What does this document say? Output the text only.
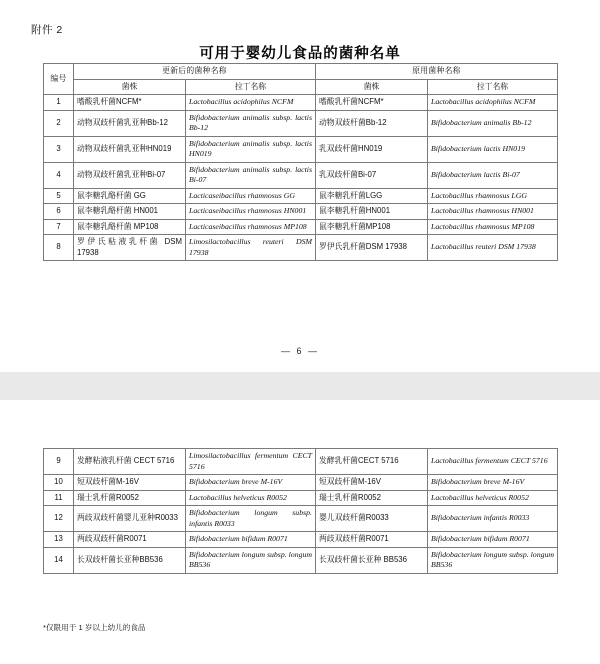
附件 2
可用于婴幼儿食品的菌种名单
编号	更新后的菌种名称		原用菌种名称	
	菌株	拉丁名称	菌株	拉丁名称
1	嗜酸乳杆菌NCFM*	Lactobacillus acidophilus NCFM	嗜酸乳杆菌NCFM*	Lactobacillus acidophilus NCFM
2	动物双歧杆菌乳亚种Bb-12	Bifidobacterium animalis subsp. lactis Bb-12	动物双歧杆菌Bb-12	Bifidobacterium animalis Bb-12
3	动物双歧杆菌乳亚种HN019	Bifidobacterium animalis subsp. lactis HN019	乳双歧杆菌HN019	Bifidobacterium lactis HN019
4	动物双歧杆菌乳亚种Bi-07	Bifidobacterium animalis subsp. lactis Bi-07	乳双歧杆菌Bi-07	Bifidobacterium lactis Bi-07
5	鼠李糖乳酪杆菌 GG	Lacticaseibacillus rhamnosus GG	鼠李糖乳杆菌LGG	Lactobacillus rhamnosus LGG
6	鼠李糖乳酪杆菌 HN001	Lacticaseibacillus rhamnosus HN001	鼠李糖乳杆菌HN001	Lactobacillus rhamnosus HN001
7	鼠李糖乳酪杆菌 MP108	Lacticaseibacillus rhamnosus MP108	鼠李糖乳杆菌MP108	Lactobacillus rhamnosus MP108
8	罗伊氏粘液乳杆菌 DSM 17938	Limosilactobacillus reuteri DSM 17938	罗伊氏乳杆菌DSM 17938	Lactobacillus reuteri DSM 17938
— 6 —
9	发酵粘液乳杆菌 CECT 5716	Limosilactobacillus fermentum CECT 5716	发酵乳杆菌CECT 5716	Lactobacillus fermentum CECT 5716
10	短双歧杆菌M-16V	Bifidobacterium breve M-16V	短双歧杆菌M-16V	Bifidobacterium breve M-16V
11	瑞士乳杆菌R0052	Lactobacillus helveticus R0052	瑞士乳杆菌R0052	Lactobacillus helveticus R0052
12	两歧双歧杆菌婴儿亚种R0033	Bifidobacterium longum subsp. infantis R0033	婴儿双歧杆菌R0033	Bifidobacterium infantis R0033
13	两歧双歧杆菌R0071	Bifidobacterium bifidum R0071	两歧双歧杆菌R0071	Bifidobacterium bifidum R0071
14	长双歧杆菌长亚种BB536	Bifidobacterium longum subsp. longum BB536	长双歧杆菌长亚种 BB536	Bifidobacterium longum subsp. longum BB536
*仅限用于 1 岁以上幼儿的食品
